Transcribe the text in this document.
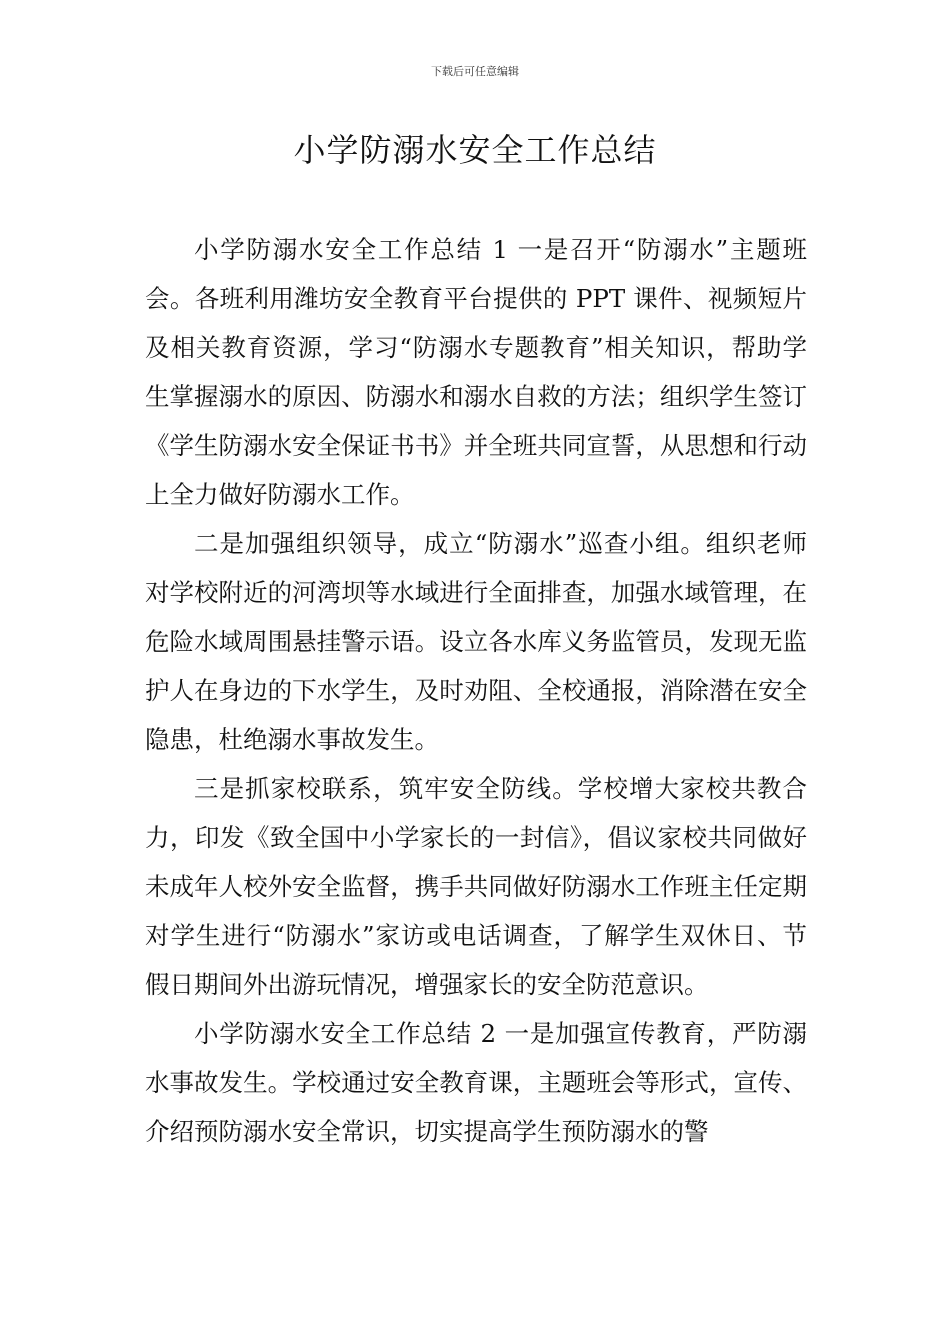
下载后可任意编辑
小学防溺水安全工作总结

小学防溺水安全工作总结 1 一是召开“防溺水”主题班会。各班利用潍坊安全教育平台提供的 PPT 课件、视频短片及相关教育资源，学习“防溺水专题教育”相关知识，帮助学生掌握溺水的原因、防溺水和溺水自救的方法；组织学生签订《学生防溺水安全保证书书》并全班共同宣誓，从思想和行动上全力做好防溺水工作。

二是加强组织领导，成立“防溺水”巡查小组。组织老师对学校附近的河湾坝等水域进行全面排查，加强水域管理，在危险水域周围悬挂警示语。设立各水库义务监管员，发现无监护人在身边的下水学生，及时劝阻、全校通报，消除潜在安全隐患，杜绝溺水事故发生。

三是抓家校联系，筑牢安全防线。学校增大家校共教合力，印发《致全国中小学家长的一封信》，倡议家校共同做好未成年人校外安全监督，携手共同做好防溺水工作班主任定期对学生进行“防溺水”家访或电话调查，了解学生双休日、节假日期间外出游玩情况，增强家长的安全防范意识。

小学防溺水安全工作总结 2 一是加强宣传教育，严防溺水事故发生。学校通过安全教育课，主题班会等形式，宣传、介绍预防溺水安全常识，切实提高学生预防溺水的警
